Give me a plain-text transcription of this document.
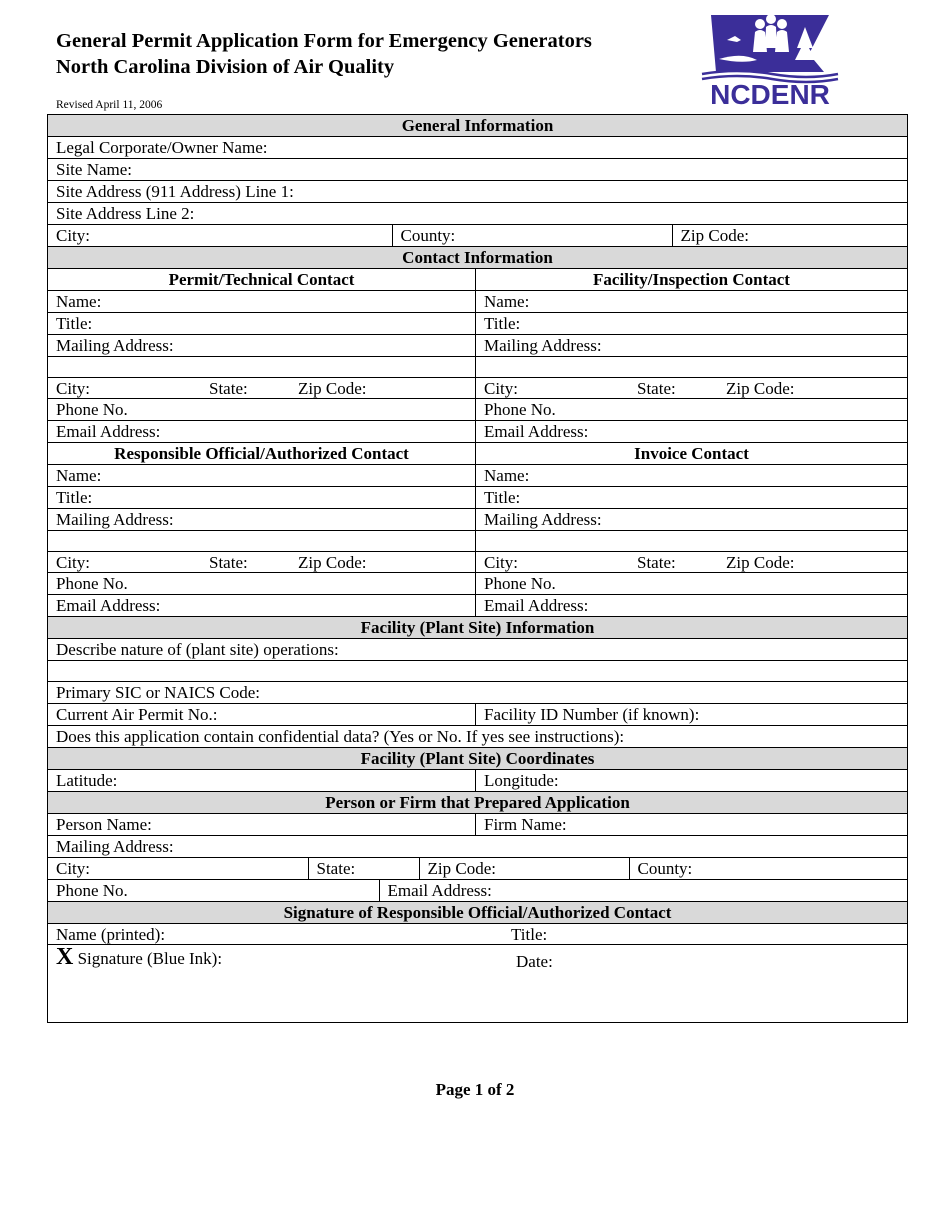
General Permit Application Form for Emergency Generators
North Carolina Division of Air Quality
Revised April 11, 2006	NCDENR
General Information
Legal Corporate/Owner Name:
Site Name:
Site Address (911 Address) Line 1:
Site Address Line 2:

City:	County:	Zip Code:

Contact Information
Permit/Technical Contact	Facility/Inspection Contact
Name:	Name:
Title:	Title:
Mailing Address:	Mailing Address:

City:	State:	Zip Code:	City:	State:	Zip Code:

Phone No.	Phone No.
Email Address:	Email Address:
Responsible Official/Authorized Contact	Invoice Contact
Name:	Name:
Title:	Title:
Mailing Address:	Mailing Address:

City:	State:	Zip Code:	City:	State:	Zip Code:

Phone No.	Phone No.
Email Address:	Email Address:
Facility (Plant Site) Information
Describe nature of (plant site) operations:

Primary SIC or NAICS Code:
Current Air Permit No.:	Facility ID Number (if known):
Does this application contain confidential data? (Yes or No. If yes see instructions):
Facility (Plant Site) Coordinates
Latitude:	Longitude:
Person or Firm that Prepared Application
Person Name:	Firm Name:
Mailing Address:

City:	State:	Zip Code:	County:

Phone No.	Email Address:

Signature of Responsible Official/Authorized Contact

Name (printed):	Title:

X Signature (Blue Ink):	Date:
Page 1 of 2
